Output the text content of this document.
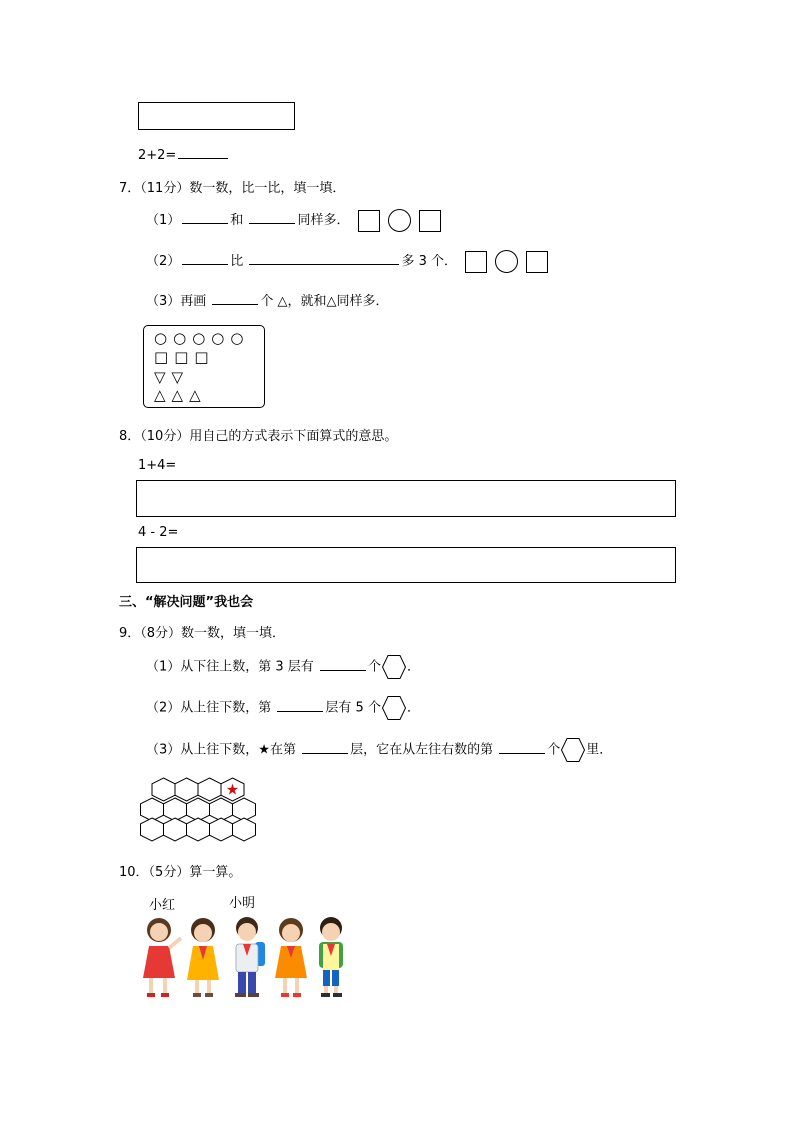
2+2=
7．（11分）数一数，比一比，填一填．
（1）	和	同样多．
（2）	比	多 3 个．
（3）再画	个 △，就和△同样多．
○ ○ ○ ○ ○
□ □ □
▽ ▽
△ △ △
8．（10分）用自己的方式表示下面算式的意思。
1+4=
4 - 2=
三、“解决问题”我也会
9．（8分）数一数，填一填．
（1）从下往上数，第 3 层有	个 ．
（2）从上往下数，第	层有 5 个 ．
（3）从上往下数，★在第	层，它在从左往右数的第	个 里．
★
10．（5分）算一算。
小红	小明
